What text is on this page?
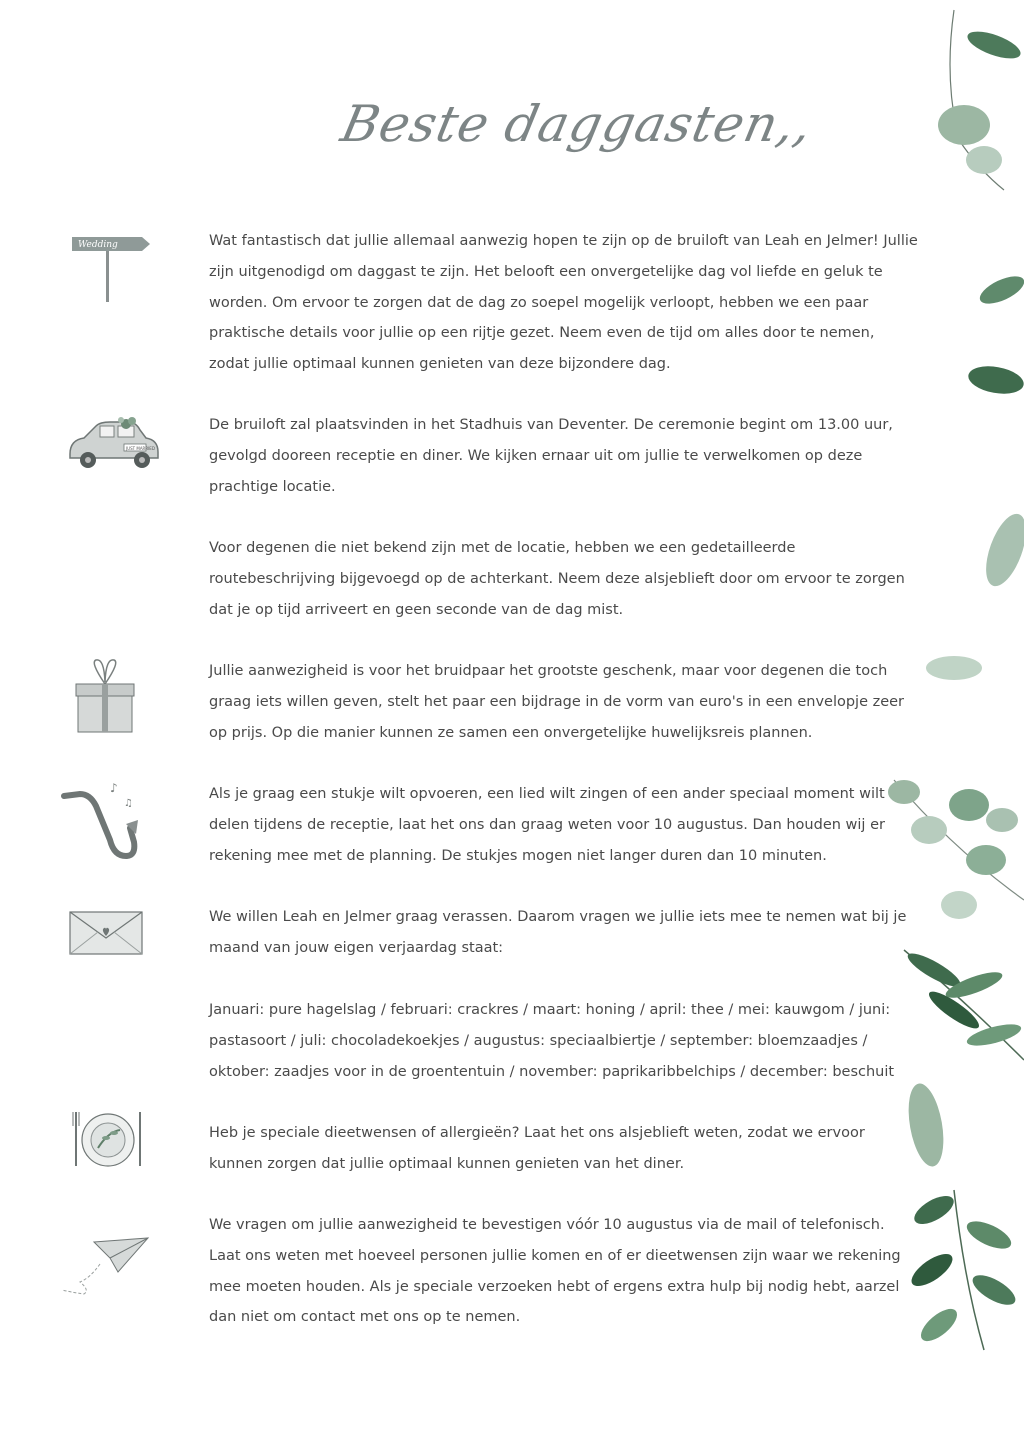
Beste daggasten,,

Wat fantastisch dat jullie allemaal aanwezig hopen te zijn op de bruiloft van Leah en Jelmer! Jullie zijn uitgenodigd om daggast te zijn. Het belooft een onvergetelijke dag vol liefde en geluk te worden. Om ervoor te zorgen dat de dag zo soepel mogelijk verloopt, hebben we een paar praktische details voor jullie op een rijtje gezet. Neem even de tijd om alles door te nemen, zodat jullie optimaal kunnen genieten van deze bijzondere dag.

De bruiloft zal plaatsvinden in het Stadhuis van Deventer. De ceremonie begint om 13.00 uur, gevolgd dooreen receptie en diner. We kijken ernaar uit om jullie te verwelkomen op deze prachtige locatie.

Voor degenen die niet bekend zijn met de locatie, hebben we een gedetailleerde routebeschrijving bijgevoegd op de achterkant. Neem deze alsjeblieft door om ervoor te zorgen dat je op tijd arriveert en geen seconde van de dag mist.

Jullie aanwezigheid is voor het bruidpaar het grootste geschenk, maar voor degenen die toch graag iets willen geven, stelt het paar een bijdrage in de vorm van euro's in een envelopje zeer op prijs. Op die manier kunnen ze samen een onvergetelijke huwelijksreis plannen.

Als je graag een stukje wilt opvoeren, een lied wilt zingen of een ander speciaal moment wilt delen tijdens de receptie, laat het ons dan graag weten voor 10 augustus. Dan houden wij er rekening mee met de planning. De stukjes mogen niet langer duren dan 10 minuten.

We willen Leah en Jelmer graag verassen. Daarom vragen we jullie iets mee te nemen wat bij je maand van jouw eigen verjaardag staat:

Januari: pure hagelslag / februari: crackres / maart: honing / april: thee / mei: kauwgom / juni: pastasoort / juli: chocoladekoekjes / augustus: speciaalbiertje / september: bloemzaadjes / oktober: zaadjes voor in de groententuin / november: paprikaribbelchips / december: beschuit

Heb je speciale dieetwensen of allergieën? Laat het ons alsjeblieft weten, zodat we ervoor kunnen zorgen dat jullie optimaal kunnen genieten van het diner.

We vragen om jullie aanwezigheid te bevestigen vóór 10 augustus via de mail of telefonisch. Laat ons weten met hoeveel personen jullie komen en of er dieetwensen zijn waar we rekening mee moeten houden. Als je speciale verzoeken hebt of ergens extra hulp bij nodig hebt, aarzel dan niet om contact met ons op te nemen.

Wedding
JUST MARRIED
♪
♫
